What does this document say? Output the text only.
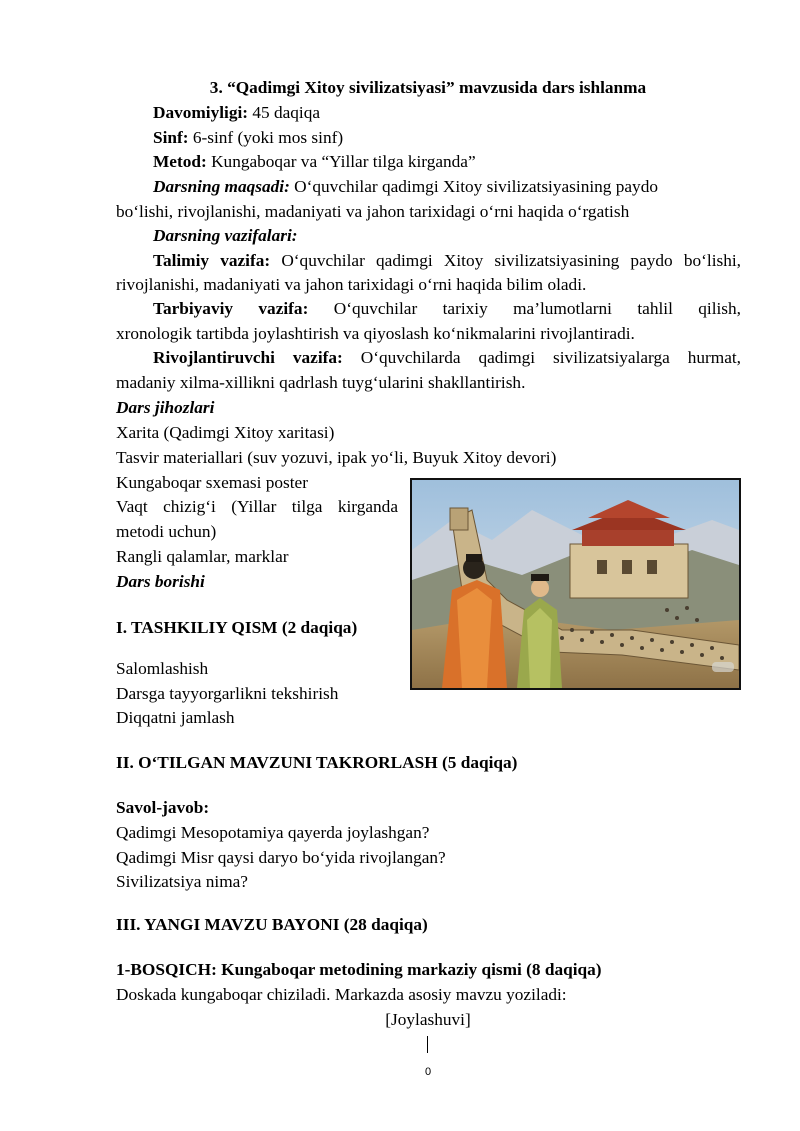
3. “Qadimgi Xitoy sivilizatsiyasi” mavzusida dars ishlanma

Davomiyligi: 45 daqiqa

Sinf: 6-sinf (yoki mos sinf)

Metod: Kungaboqar va “Yillar tilga kirganda”

Darsning maqsadi: O‘quvchilar qadimgi Xitoy sivilizatsiyasining paydo

bo‘lishi, rivojlanishi, madaniyati va jahon tarixidagi o‘rni haqida o‘rgatish

Darsning vazifalari:

Talimiy vazifa: O‘quvchilar qadimgi Xitoy sivilizatsiyasining paydo bo‘lishi,

rivojlanishi, madaniyati va jahon tarixidagi o‘rni haqida bilim oladi.

Tarbiyaviy vazifa: O‘quvchilar tarixiy ma’lumotlarni tahlil qilish,

xronologik tartibda joylashtirish va qiyoslash ko‘nikmalarini rivojlantiradi.

Rivojlantiruvchi vazifa: O‘quvchilarda qadimgi sivilizatsiyalarga hurmat,

madaniy xilma-xillikni qadrlash tuyg‘ularini shakllantirish.

Dars jihozlari

Xarita (Qadimgi Xitoy xaritasi)

Tasvir materiallari (suv yozuvi, ipak yo‘li, Buyuk Xitoy devori)

Kungaboqar sxemasi poster

Vaqt chizig‘i (Yillar tilga kirganda

metodi uchun)

Rangli qalamlar, marklar

Dars borishi

I. TASHKILIY QISM (2 daqiqa)

Salomlashish

Darsga tayyorgarlikni tekshirish

Diqqatni jamlash

II. O‘TILGAN MAVZUNI TAKRORLASH (5 daqiqa)

Savol-javob:

Qadimgi Mesopotamiya qayerda joylashgan?

Qadimgi Misr qaysi daryo bo‘yida rivojlangan?

Sivilizatsiya nima?

III. YANGI MAVZU BAYONI (28 daqiqa)
1-BOSQICH: Kungaboqar metodining markaziy qismi (8 daqiqa)

Doskada kungaboqar chiziladi. Markazda asosiy mavzu yoziladi:

[Joylashuvi]
0
